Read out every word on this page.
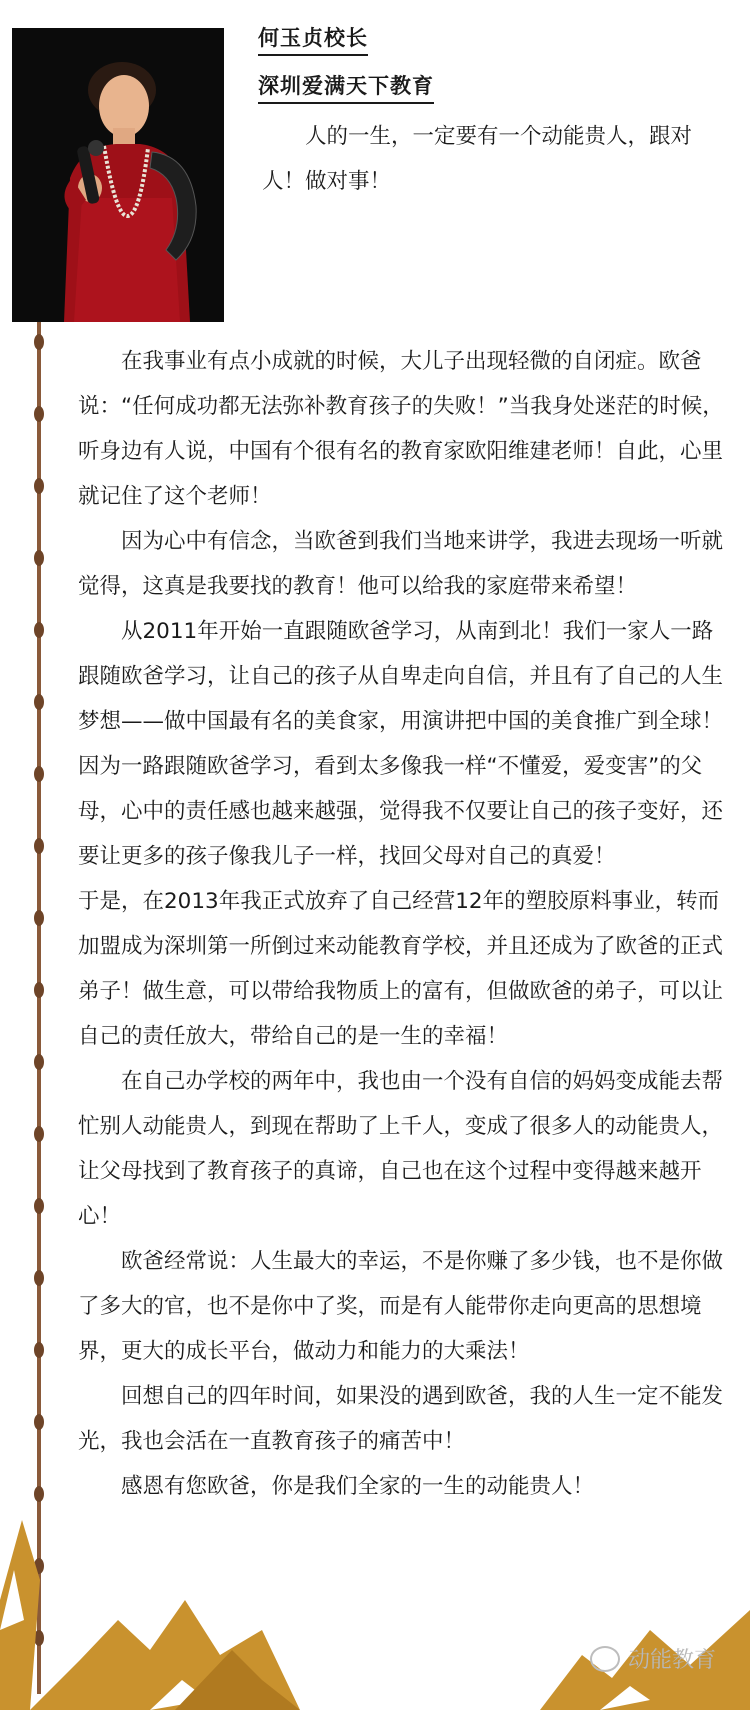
何玉贞校长
深圳爱满天下教育

　　人的一生，一定要有一个动能贵人，跟对人！做对事！

　　在我事业有点小成就的时候，大儿子出现轻微的自闭症。欧爸说：“任何成功都无法弥补教育孩子的失败！”当我身处迷茫的时候，听身边有人说，中国有个很有名的教育家欧阳维建老师！自此，心里就记住了这个老师！

　　因为心中有信念，当欧爸到我们当地来讲学，我进去现场一听就觉得，这真是我要找的教育！他可以给我的家庭带来希望！

　　从2011年开始一直跟随欧爸学习，从南到北！我们一家人一路跟随欧爸学习，让自己的孩子从自卑走向自信，并且有了自己的人生梦想——做中国最有名的美食家，用演讲把中国的美食推广到全球！因为一路跟随欧爸学习，看到太多像我一样“不懂爱，爱变害”的父母，心中的责任感也越来越强，觉得我不仅要让自己的孩子变好，还要让更多的孩子像我儿子一样，找回父母对自己的真爱！

于是，在2013年我正式放弃了自己经营12年的塑胶原料事业，转而加盟成为深圳第一所倒过来动能教育学校，并且还成为了欧爸的正式弟子！做生意，可以带给我物质上的富有，但做欧爸的弟子，可以让自己的责任放大，带给自己的是一生的幸福！

　　在自己办学校的两年中，我也由一个没有自信的妈妈变成能去帮忙别人动能贵人，到现在帮助了上千人，变成了很多人的动能贵人，让父母找到了教育孩子的真谛，自己也在这个过程中变得越来越开心！

　　欧爸经常说：人生最大的幸运，不是你赚了多少钱，也不是你做了多大的官，也不是你中了奖，而是有人能带你走向更高的思想境界，更大的成长平台，做动力和能力的大乘法！

　　回想自己的四年时间，如果没的遇到欧爸，我的人生一定不能发光，我也会活在一直教育孩子的痛苦中！

　　感恩有您欧爸，你是我们全家的一生的动能贵人！

动能教育
